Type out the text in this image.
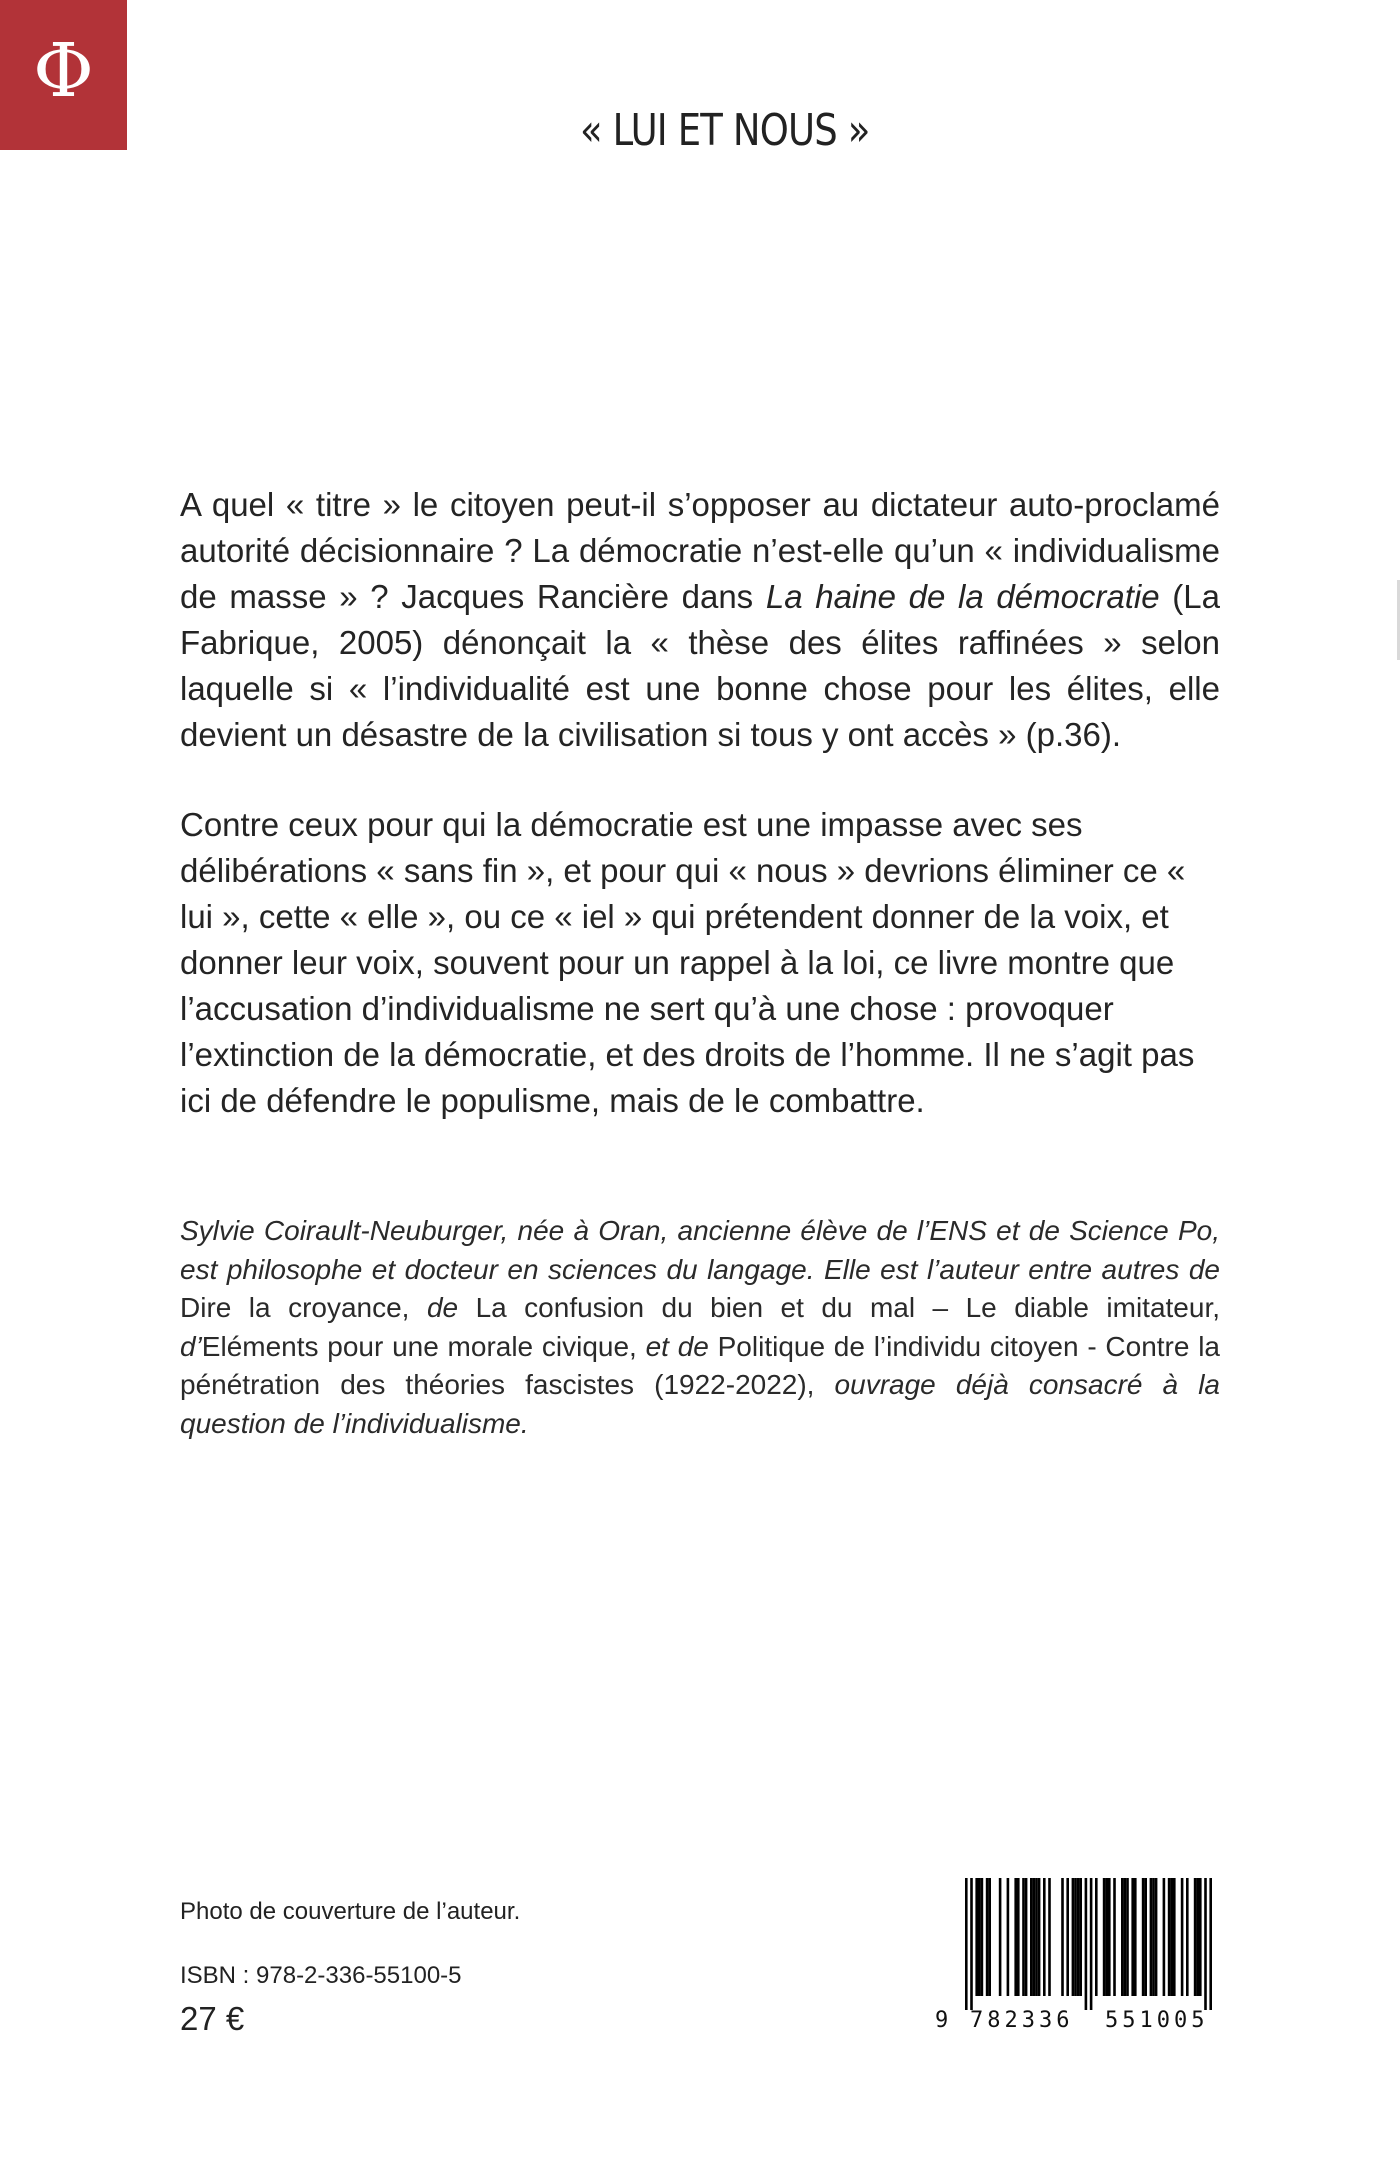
Φ
« LUI ET NOUS »

A quel « titre » le citoyen peut-il s’opposer au dictateur auto-proclamé autorité décisionnaire ? La démocratie n’est-elle qu’un « individualisme de masse » ? Jacques Rancière dans La haine de la démocratie (La Fabrique, 2005) dénonçait la « thèse des élites raffinées » selon laquelle si « l’individualité est une bonne chose pour les élites, elle devient un désastre de la civilisation si tous y ont accès » (p.36).

Contre ceux pour qui la démocratie est une impasse avec ses délibérations « sans fin », et pour qui « nous » devrions éliminer ce « lui », cette « elle », ou ce « iel » qui prétendent donner de la voix, et donner leur voix, souvent pour un rappel à la loi, ce livre montre que l’accusation d’individualisme ne sert qu’à une chose : provoquer l’extinction de la démocratie, et des droits de l’homme. Il ne s’agit pas ici de défendre le populisme, mais de le combattre.

Sylvie Coirault-Neuburger, née à Oran, ancienne élève de l’ENS et de Science Po, est philosophe et docteur en sciences du langage. Elle est l’auteur entre autres de Dire la croyance, de La confusion du bien et du mal – Le diable imitateur, d’Eléments pour une morale civique, et de Politique de l’individu citoyen - Contre la pénétration des théories fascistes (1922-2022), ouvrage déjà consacré à la question de l’individualisme.

Photo de couverture de l’auteur.
ISBN : 978-2-336-55100-5
27 €	9 782336 551005
